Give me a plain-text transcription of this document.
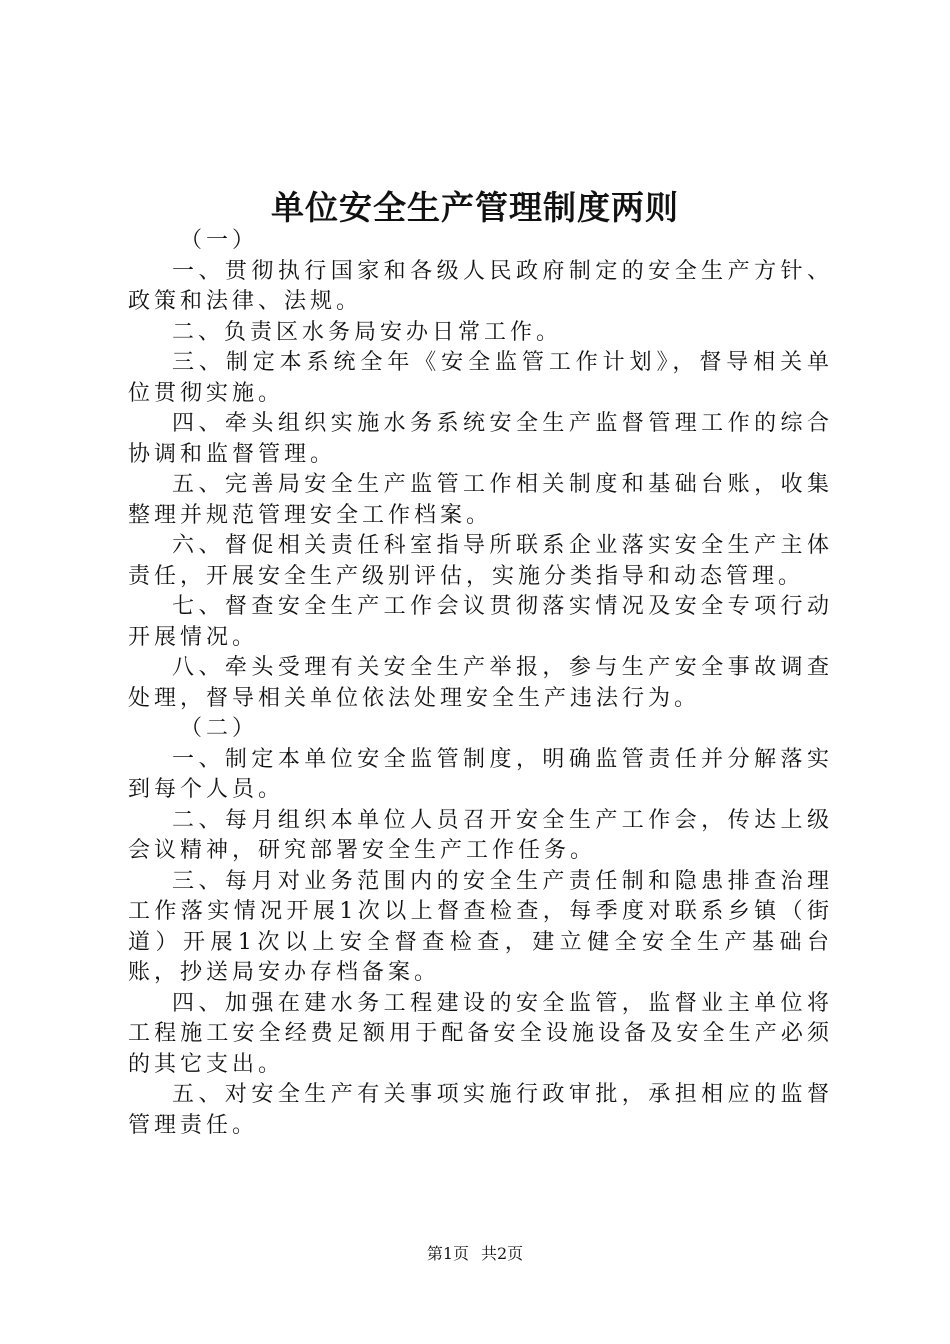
单位安全生产管理制度两则

（一）

一、贯彻执行国家和各级人民政府制定的安全生产方针、政策和法律、法规。

二、负责区水务局安办日常工作。

三、制定本系统全年《安全监管工作计划》，督导相关单位贯彻实施。

四、牵头组织实施水务系统安全生产监督管理工作的综合协调和监督管理。

五、完善局安全生产监管工作相关制度和基础台账，收集整理并规范管理安全工作档案。

六、督促相关责任科室指导所联系企业落实安全生产主体责任，开展安全生产级别评估，实施分类指导和动态管理。

七、督查安全生产工作会议贯彻落实情况及安全专项行动开展情况。

八、牵头受理有关安全生产举报，参与生产安全事故调查处理，督导相关单位依法处理安全生产违法行为。

（二）

一、制定本单位安全监管制度，明确监管责任并分解落实到每个人员。

二、每月组织本单位人员召开安全生产工作会，传达上级会议精神，研究部署安全生产工作任务。

三、每月对业务范围内的安全生产责任制和隐患排查治理工作落实情况开展1次以上督查检查，每季度对联系乡镇（街道）开展1次以上安全督查检查，建立健全安全生产基础台账，抄送局安办存档备案。

四、加强在建水务工程建设的安全监管，监督业主单位将工程施工安全经费足额用于配备安全设施设备及安全生产必须的其它支出。

五、对安全生产有关事项实施行政审批，承担相应的监督管理责任。

第1页 共2页
